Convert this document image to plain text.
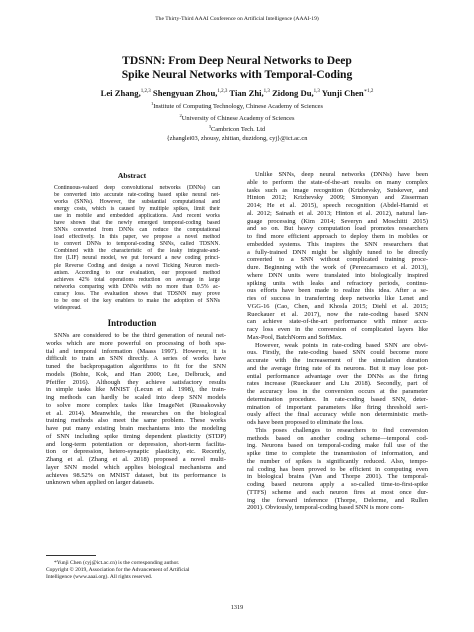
The Thirty-Third AAAI Conference on Artificial Intelligence (AAAI-19)
TDSNN: From Deep Neural Networks to Deep
Spike Neural Networks with Temporal-Coding
Lei Zhang,$^{1,2,3}$ Shengyuan Zhou,$^{1,2,3}$ Tian Zhi,$^{1,3}$ Zidong Du,$^{1,3}$ Yunji Chen$^{∗1,2}$
$^1$Institute of Computing Technology, Chinese Academy of Sciences
$^2$University of Chinese Academy of Sciences
$^3$Cambricon Tech. Ltd
{zhanglei03, zhousy, zhitian, duzidong, cyj}@ict.ac.cn
Abstract
Continuous-valued deep convolutional networks (DNNs) can
be converted into accurate rate-coding based spike neural net-
works (SNNs). However, the substantial computational and
energy costs, which is caused by multiple spikes, limit their
use in mobile and embedded applications. And recent works
have shown that the newly emerged temporal-coding based
SNNs converted from DNNs can reduce the computational
load effectively. In this paper, we propose a novel method
to convert DNNs to temporal-coding SNNs, called TDSNN.
Combined with the characteristic of the leaky integrate-and-
fire (LIF) neural model, we put forward a new coding princi-
ple Reverse Coding and design a novel Ticking Neuron mech-
anism. According to our evaluation, our proposed method
achieves 42% total operations reduction on average in large
networks comparing with DNNs with no more than 0.5% ac-
curacy loss. The evaluation shows that TDSNN may prove
to be one of the key enablers to make the adoption of SNNs
widespread.
Introduction
SNNs are considered to be the third generation of neural net-
works which are more powerful on processing of both spa-
tial and temporal information (Maass 1997). However, it is
difficult to train an SNN directly. A series of works have
tuned the backpropagation algorithms to fit for the SNN
models (Bohte, Kok, and Han 2000; Lee, Delbruck, and
Pfeiffer 2016). Although they achieve satisfactory results
in simple tasks like MNIST (Lecun et al. 1998), the train-
ing methods can hardly be scaled into deep SNN models
to solve more complex tasks like ImageNet (Russakovsky
et al. 2014). Meanwhile, the researches on the biological
training methods also meet the same problem. These works
have put many existing brain mechanisms into the modeling
of SNN including spike timing dependent plasticity (STDP)
and long-term potentiation or depression, short-term facilita-
tion or depression, hetero-synaptic plasticity, etc. Recently,
Zhang et al. (Zhang et al. 2018) proposed a novel multi-
layer SNN model which applies biological mechanisms and
achieves 98.52% on MNIST dataset, but its performance is
unknown when applied on larger datasets.
*Yunji Chen (cyj@ict.ac.cn) is the corresponding author.
Copyright © 2019, Association for the Advancement of Artificial
Intelligence (www.aaai.org). All rights reserved.
Unlike SNNs, deep neural networks (DNNs) have been
able to perform the state-of-the-art results on many complex
tasks such as image recognition (Krizhevsky, Sutskever, and
Hinton 2012; Krizhevsky 2009; Simonyan and Zisserman
2014; He et al. 2015), speech recognition (Abdel-Hamid et
al. 2012; Sainath et al. 2013; Hinton et al. 2012), natural lan-
guage processing (Kim 2014; Severyn and Moschitti 2015)
and so on. But heavy computation load promotes researchers
to find more efficient approach to deploy them in mobiles or
embedded systems. This inspires the SNN researchers that
a fully-trained DNN might be slightly tuned to be directly
converted to a SNN without complicated training proce-
dure. Beginning with the work of (Perezcarrasco et al. 2013),
where DNN units were translated into biologically inspired
spiking units with leaks and refractory periods, continu-
ous efforts have been made to realize this idea. After a se-
ries of success in transferring deep networks like Lenet and
VGG-16 (Cao, Chen, and Khosla 2015; Diehl et al. 2015;
Rueckauer et al. 2017), now the rate-coding based SNN
can achieve state-of-the-art performance with minor accu-
racy loss even in the conversion of complicated layers like
Max-Pool, BatchNorm and SoftMax.
However, weak points in rate-coding based SNN are obvi-
ous. Firstly, the rate-coding based SNN could become more
accurate with the increasement of the simulation duration
and the average firing rate of its neurons. But it may lose pot-
ential performance advantage over the DNNs as the firing
rates increase (Rueckauer and Liu 2018). Secondly, part of
the accuracy loss in the conversion occurs at the parameter
determination procedure. In rate-coding based SNN, deter-
mination of important parameters like firing threshold seri-
ously affect the final accuracy while non deterministic meth-
ods have been proposed to eliminate the loss.
This poses challenges to researchers to find conversion
methods based on another coding scheme—temporal cod-
ing. Neurons based on temporal-coding make full use of the
spike time to complete the transmission of information, and
the number of spikes is significantly reduced. Also, tempo-
ral coding has been proved to be efficient in computing even
in biological brains (Van and Thorpe 2001). The temporal-
coding based neurons apply a so-called time-to-first-spike
(TTFS) scheme and each neuron fires at most once dur-
ing the forward inference (Thorpe, Delorme, and Rullen
2001). Obviously, temporal-coding based SNN is more com-
1319
